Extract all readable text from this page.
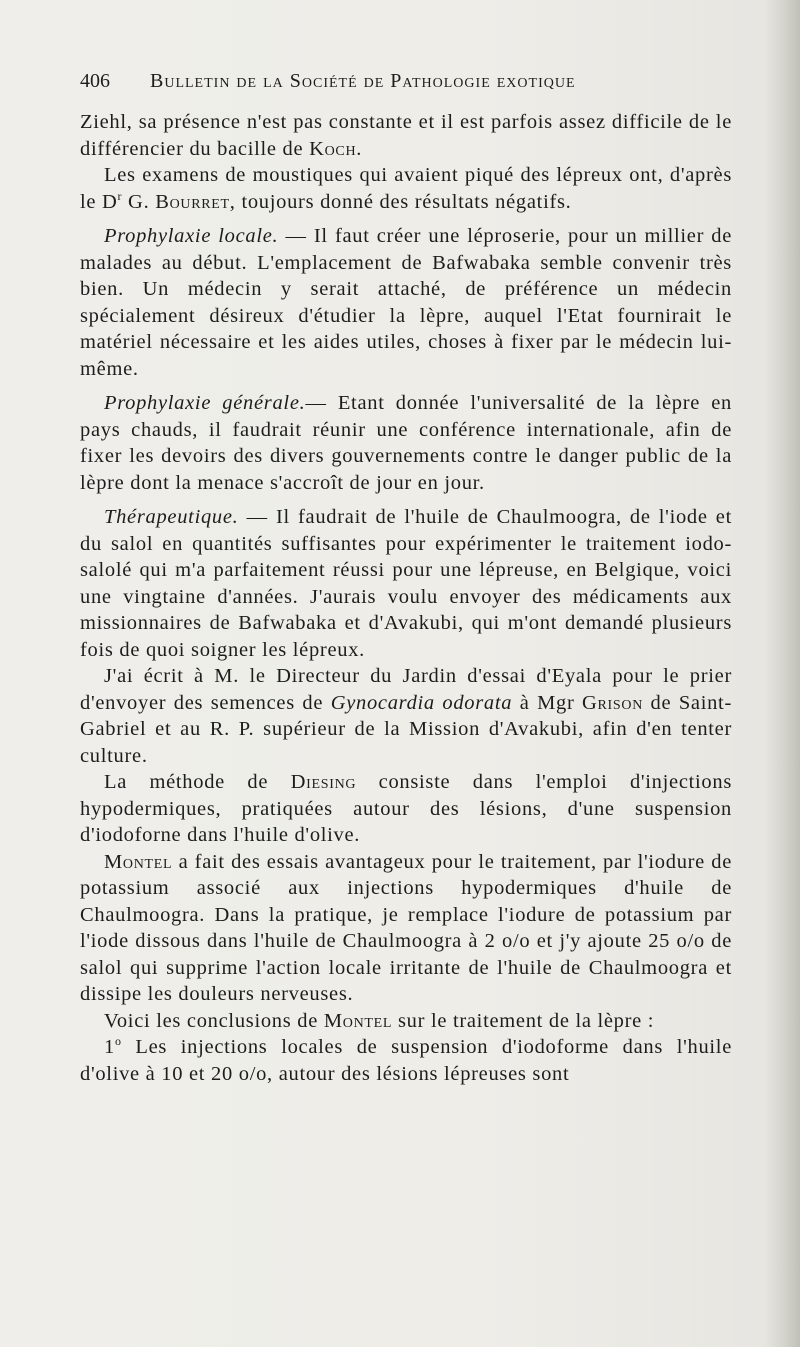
406 Bulletin de la Société de Pathologie exotique

Ziehl, sa présence n'est pas constante et il est parfois assez difficile de le différencier du bacille de Koch.

Les examens de moustiques qui avaient piqué des lépreux ont, d'après le $D^r$ G. Bourret, toujours donné des résultats négatifs.

Prophylaxie locale. — Il faut créer une léproserie, pour un millier de malades au début. L'emplacement de Bafwabaka semble convenir très bien. Un médecin y serait attaché, de préférence un médecin spécialement désireux d'étudier la lèpre, auquel l'Etat fournirait le matériel nécessaire et les aides utiles, choses à fixer par le médecin lui-même.

Prophylaxie générale.— Etant donnée l'universalité de la lèpre en pays chauds, il faudrait réunir une conférence internationale, afin de fixer les devoirs des divers gouvernements contre le danger public de la lèpre dont la menace s'accroît de jour en jour.

Thérapeutique. — Il faudrait de l'huile de Chaulmoogra, de l'iode et du salol en quantités suffisantes pour expérimenter le traitement iodo-salolé qui m'a parfaitement réussi pour une lépreuse, en Belgique, voici une vingtaine d'années. J'aurais voulu envoyer des médicaments aux missionnaires de Bafwabaka et d'Avakubi, qui m'ont demandé plusieurs fois de quoi soigner les lépreux.

J'ai écrit à M. le Directeur du Jardin d'essai d'Eyala pour le prier d'envoyer des semences de Gynocardia odorata à Mgr Grison de Saint-Gabriel et au R. P. supérieur de la Mission d'Avakubi, afin d'en tenter culture.

La méthode de Diesing consiste dans l'emploi d'injections hypodermiques, pratiquées autour des lésions, d'une suspension d'iodoforne dans l'huile d'olive.

Montel a fait des essais avantageux pour le traitement, par l'iodure de potassium associé aux injections hypodermiques d'huile de Chaulmoogra. Dans la pratique, je remplace l'iodure de potassium par l'iode dissous dans l'huile de Chaulmoogra à 2 o/o et j'y ajoute 25 o/o de salol qui supprime l'action locale irritante de l'huile de Chaulmoogra et dissipe les douleurs nerveuses.

Voici les conclusions de Montel sur le traitement de la lèpre :

1$^o$ Les injections locales de suspension d'iodoforme dans l'huile d'olive à 10 et 20 o/o, autour des lésions lépreuses sont
